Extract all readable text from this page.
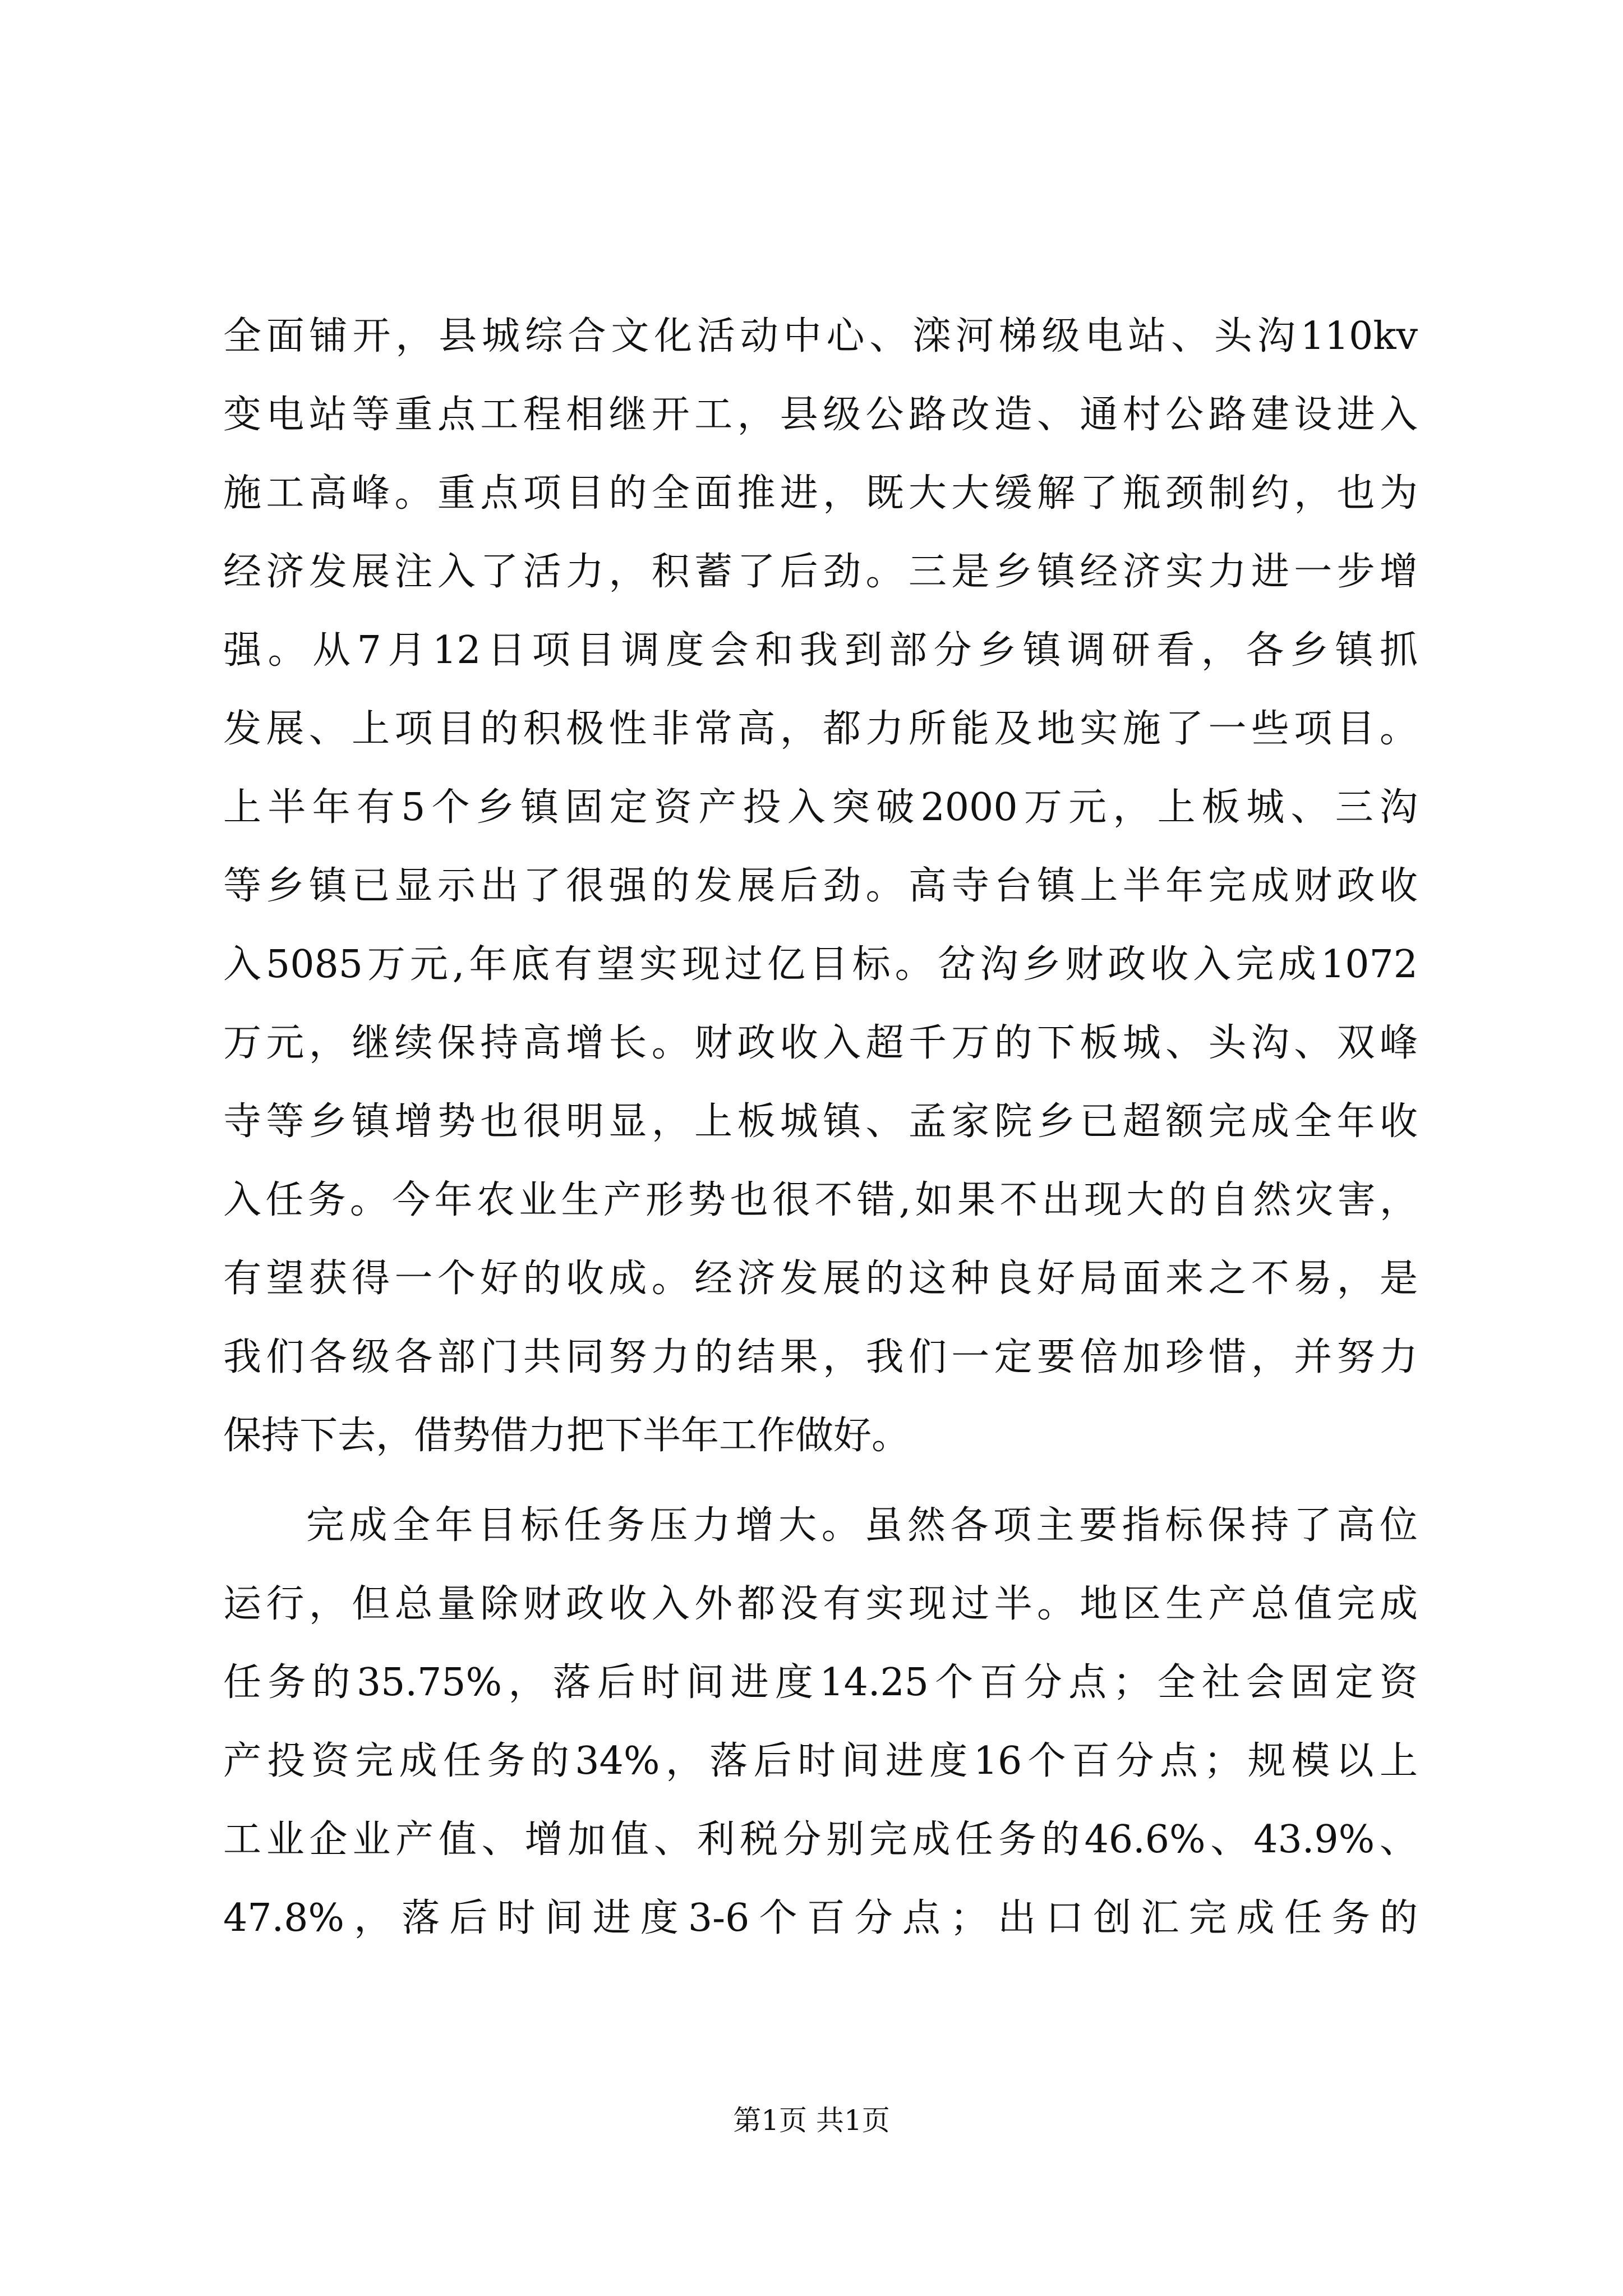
全面铺开，县城综合文化活动中心、滦河梯级电站、头沟110kv
变电站等重点工程相继开工，县级公路改造、通村公路建设进入
施工高峰。重点项目的全面推进，既大大缓解了瓶颈制约，也为
经济发展注入了活力，积蓄了后劲。三是乡镇经济实力进一步增
强。从7月12日项目调度会和我到部分乡镇调研看，各乡镇抓
发展、上项目的积极性非常高，都力所能及地实施了一些项目。
上半年有5个乡镇固定资产投入突破2000万元，上板城、三沟
等乡镇已显示出了很强的发展后劲。高寺台镇上半年完成财政收
入5085万元,年底有望实现过亿目标。岔沟乡财政收入完成1072
万元，继续保持高增长。财政收入超千万的下板城、头沟、双峰
寺等乡镇增势也很明显，上板城镇、孟家院乡已超额完成全年收
入任务。今年农业生产形势也很不错,如果不出现大的自然灾害，
有望获得一个好的收成。经济发展的这种良好局面来之不易，是
我们各级各部门共同努力的结果，我们一定要倍加珍惜，并努力
保持下去，借势借力把下半年工作做好。
完成全年目标任务压力增大。虽然各项主要指标保持了高位
运行，但总量除财政收入外都没有实现过半。地区生产总值完成
任务的35.75%，落后时间进度14.25个百分点；全社会固定资
产投资完成任务的34%，落后时间进度16个百分点；规模以上
工业企业产值、增加值、利税分别完成任务的46.6%、43.9%、
47.8%，落后时间进度3-6个百分点；出口创汇完成任务的
第1页 共1页
